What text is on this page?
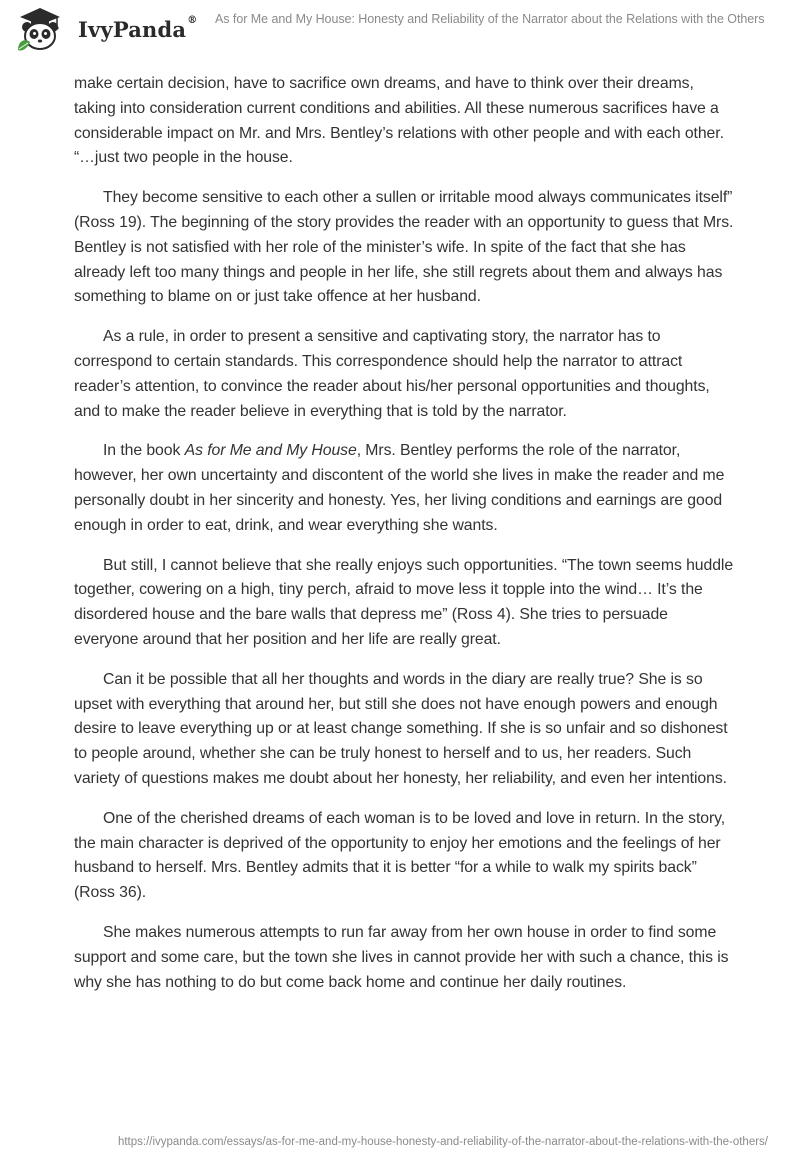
IvyPanda® As for Me and My House: Honesty and Reliability of the Narrator about the Relations with the Others

make certain decision, have to sacrifice own dreams, and have to think over their dreams, taking into consideration current conditions and abilities. All these numerous sacrifices have a considerable impact on Mr. and Mrs. Bentley’s relations with other people and with each other. “…just two people in the house.

They become sensitive to each other a sullen or irritable mood always communicates itself” (Ross 19). The beginning of the story provides the reader with an opportunity to guess that Mrs. Bentley is not satisfied with her role of the minister’s wife. In spite of the fact that she has already left too many things and people in her life, she still regrets about them and always has something to blame on or just take offence at her husband.

As a rule, in order to present a sensitive and captivating story, the narrator has to correspond to certain standards. This correspondence should help the narrator to attract reader’s attention, to convince the reader about his/her personal opportunities and thoughts, and to make the reader believe in everything that is told by the narrator.

In the book As for Me and My House, Mrs. Bentley performs the role of the narrator, however, her own uncertainty and discontent of the world she lives in make the reader and me personally doubt in her sincerity and honesty. Yes, her living conditions and earnings are good enough in order to eat, drink, and wear everything she wants.

But still, I cannot believe that she really enjoys such opportunities. “The town seems huddle together, cowering on a high, tiny perch, afraid to move less it topple into the wind… It’s the disordered house and the bare walls that depress me” (Ross 4). She tries to persuade everyone around that her position and her life are really great.

Can it be possible that all her thoughts and words in the diary are really true? She is so upset with everything that around her, but still she does not have enough powers and enough desire to leave everything up or at least change something. If she is so unfair and so dishonest to people around, whether she can be truly honest to herself and to us, her readers. Such variety of questions makes me doubt about her honesty, her reliability, and even her intentions.

One of the cherished dreams of each woman is to be loved and love in return. In the story, the main character is deprived of the opportunity to enjoy her emotions and the feelings of her husband to herself. Mrs. Bentley admits that it is better “for a while to walk my spirits back” (Ross 36).

She makes numerous attempts to run far away from her own house in order to find some support and some care, but the town she lives in cannot provide her with such a chance, this is why she has nothing to do but come back home and continue her daily routines.

https://ivypanda.com/essays/as-for-me-and-my-house-honesty-and-reliability-of-the-narrator-about-the-relations-with-the-others/
